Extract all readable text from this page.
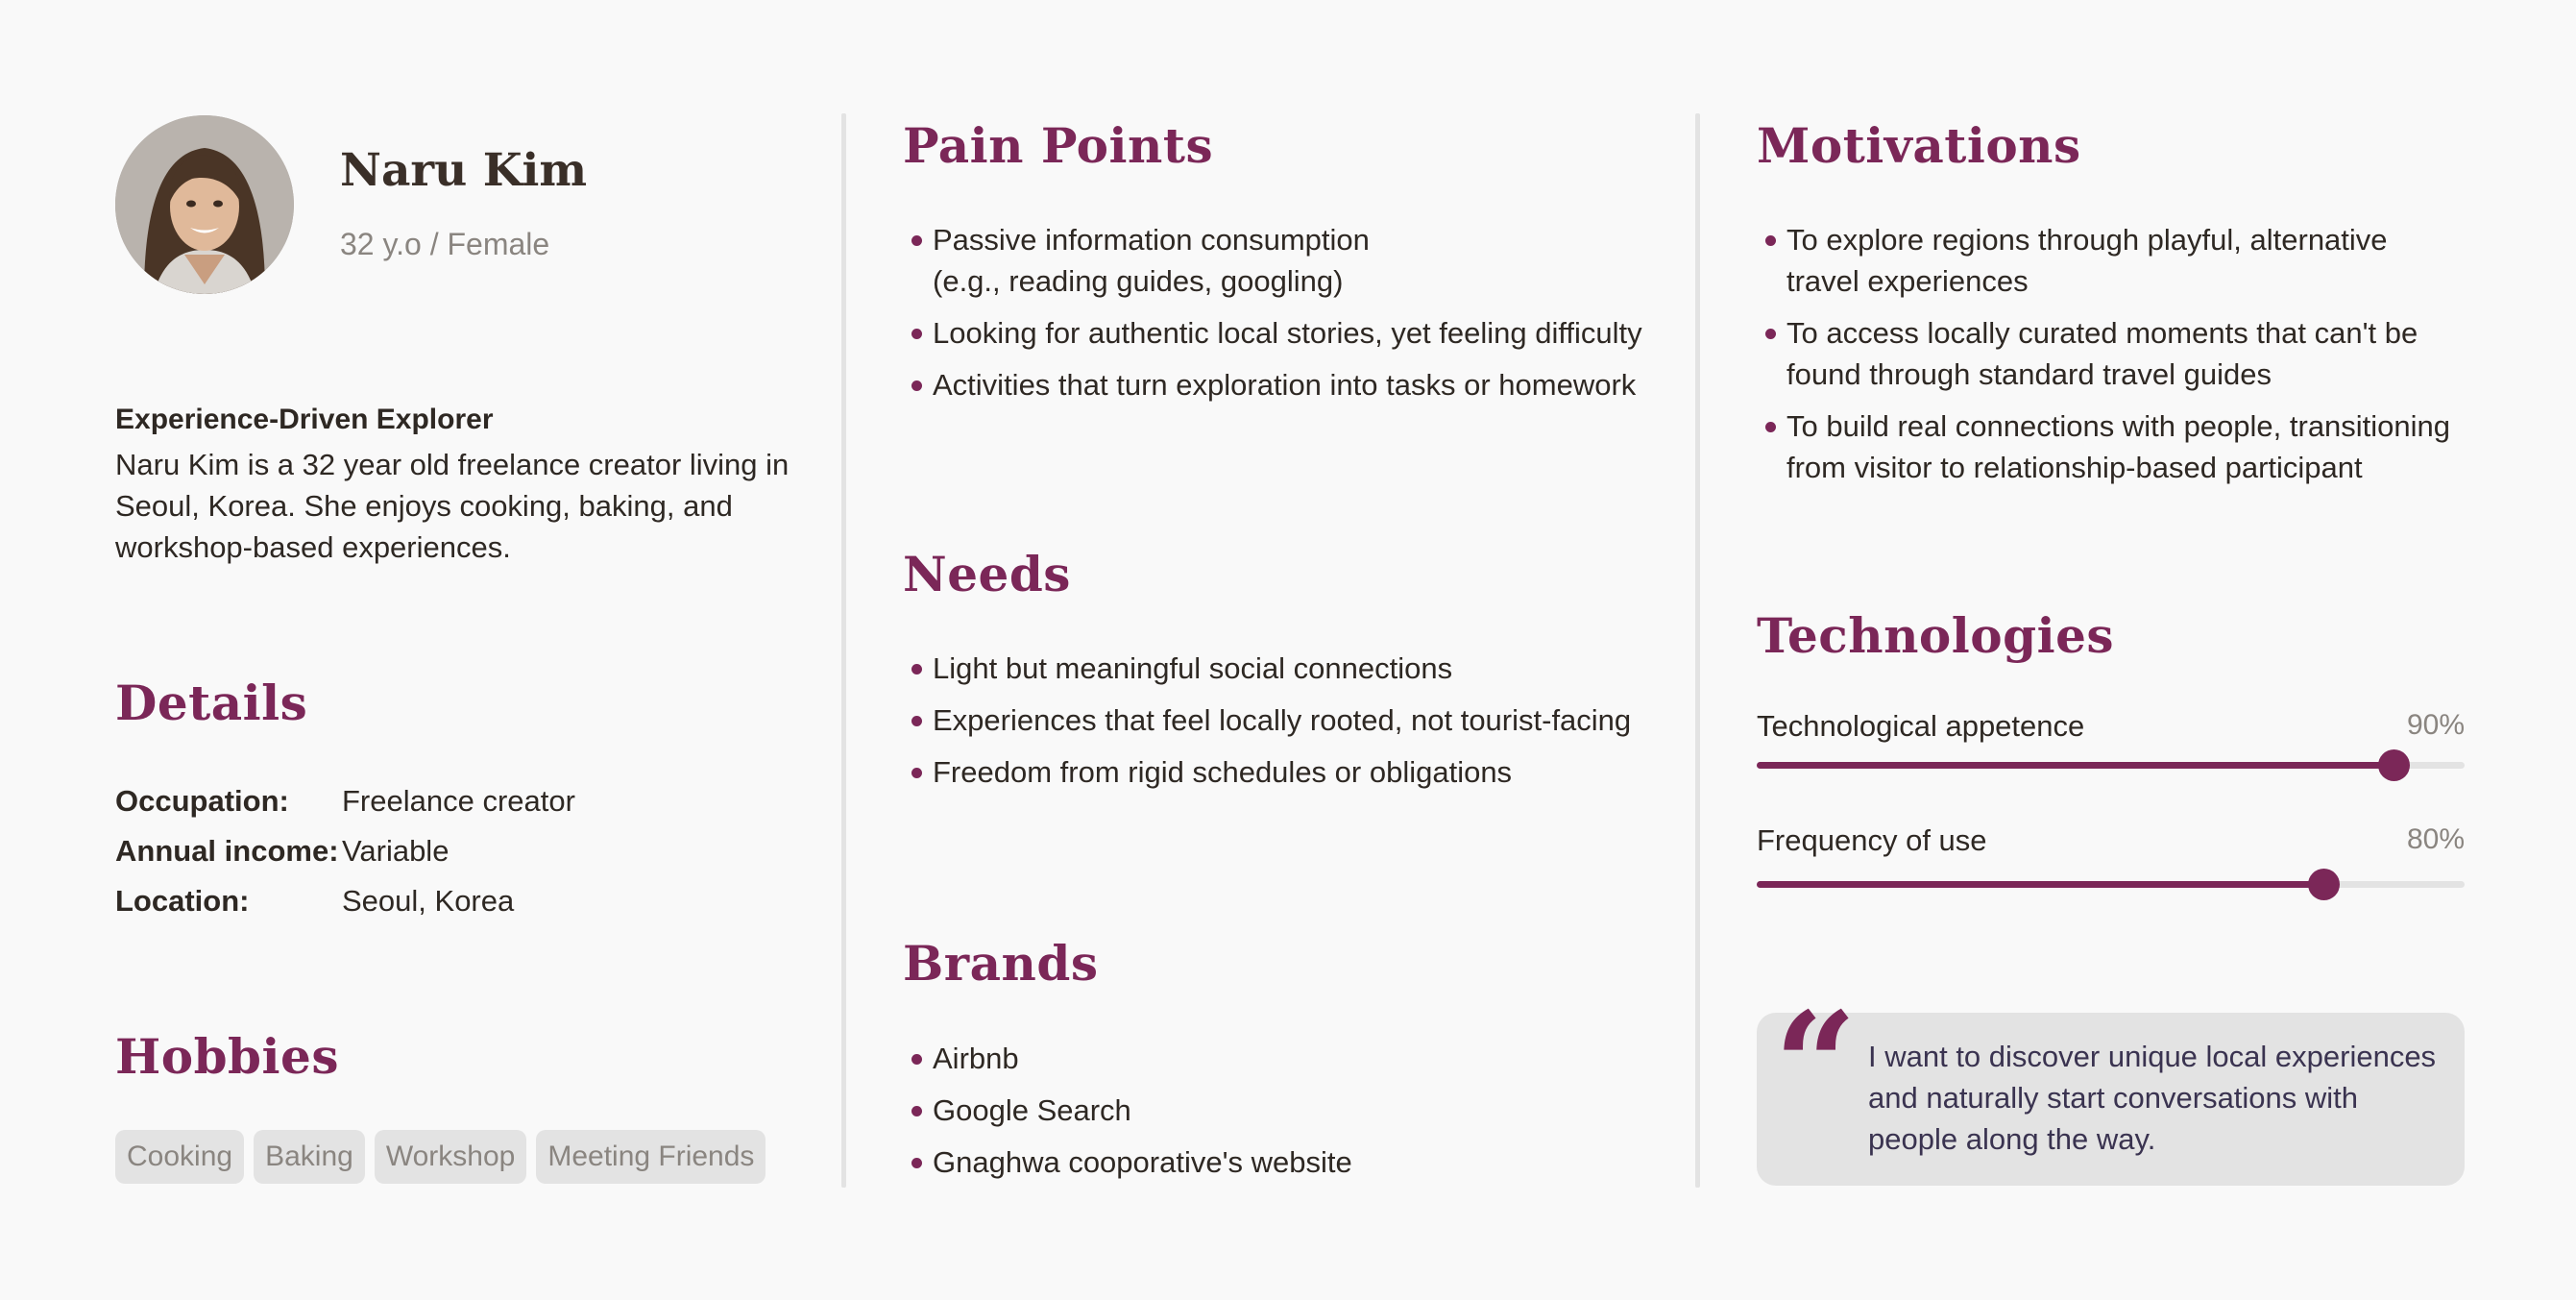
Naru Kim
32 y.o / Female
Experience-Driven Explorer
Naru Kim is a 32 year old freelance creator living in Seoul, Korea. She enjoys cooking, baking, and workshop-based experiences.
Details
Occupation:	Freelance creator
Annual income: Variable
Location:	Seoul, Korea
Hobbies
Cooking	Baking	Workshop	Meeting Friends
Pain Points
Passive information consumption (e.g., reading guides, googling)
Looking for authentic local stories, yet feeling difficulty
Activities that turn exploration into tasks or homework
Needs
Light but meaningful social connections
Experiences that feel locally rooted, not tourist-facing
Freedom from rigid schedules or obligations
Brands
Airbnb
Google Search
Gnaghwa cooporative's website
Motivations
To explore regions through playful, alternative travel experiences
To access locally curated moments that can't be found through standard travel guides
To build real connections with people, transitioning from visitor to relationship-based participant
Technologies
Technological appetence	90%
Frequency of use	80%
“ I want to discover unique local experiences and naturally start conversations with people along the way.
